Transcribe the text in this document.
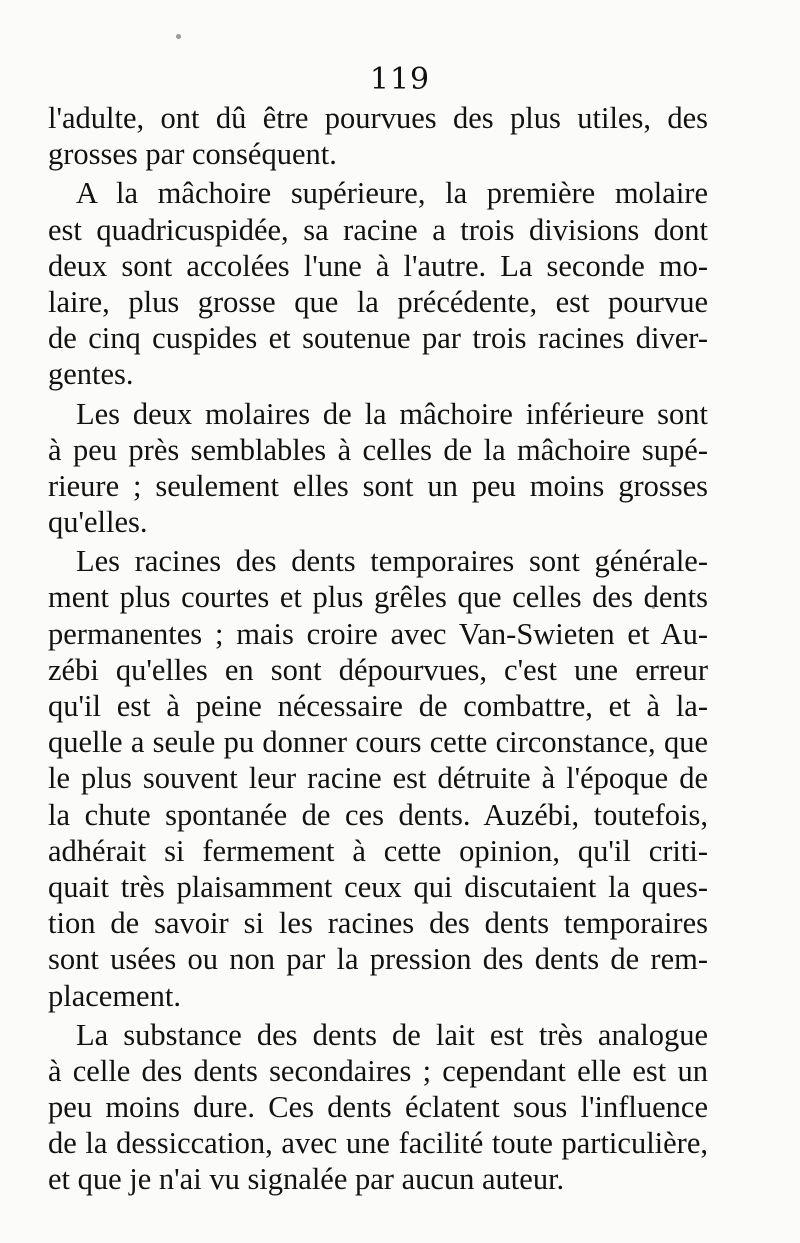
119
l'adulte, ont dû être pourvues des plus utiles, des
grosses par conséquent.
A la mâchoire supérieure, la première molaire
est quadricuspidée, sa racine a trois divisions dont
deux sont accolées l'une à l'autre. La seconde mo-
laire, plus grosse que la précédente, est pourvue
de cinq cuspides et soutenue par trois racines diver-
gentes.
Les deux molaires de la mâchoire inférieure sont
à peu près semblables à celles de la mâchoire supé-
rieure ; seulement elles sont un peu moins grosses
qu'elles.
Les racines des dents temporaires sont générale-
ment plus courtes et plus grêles que celles des dents
permanentes ; mais croire avec Van-Swieten et Au-
zébi qu'elles en sont dépourvues, c'est une erreur
qu'il est à peine nécessaire de combattre, et à la-
quelle a seule pu donner cours cette circonstance, que
le plus souvent leur racine est détruite à l'époque de
la chute spontanée de ces dents. Auzébi, toutefois,
adhérait si fermement à cette opinion, qu'il criti-
quait très plaisamment ceux qui discutaient la ques-
tion de savoir si les racines des dents temporaires
sont usées ou non par la pression des dents de rem-
placement.
La substance des dents de lait est très analogue
à celle des dents secondaires ; cependant elle est un
peu moins dure. Ces dents éclatent sous l'influence
de la dessiccation, avec une facilité toute particulière,
et que je n'ai vu signalée par aucun auteur.
